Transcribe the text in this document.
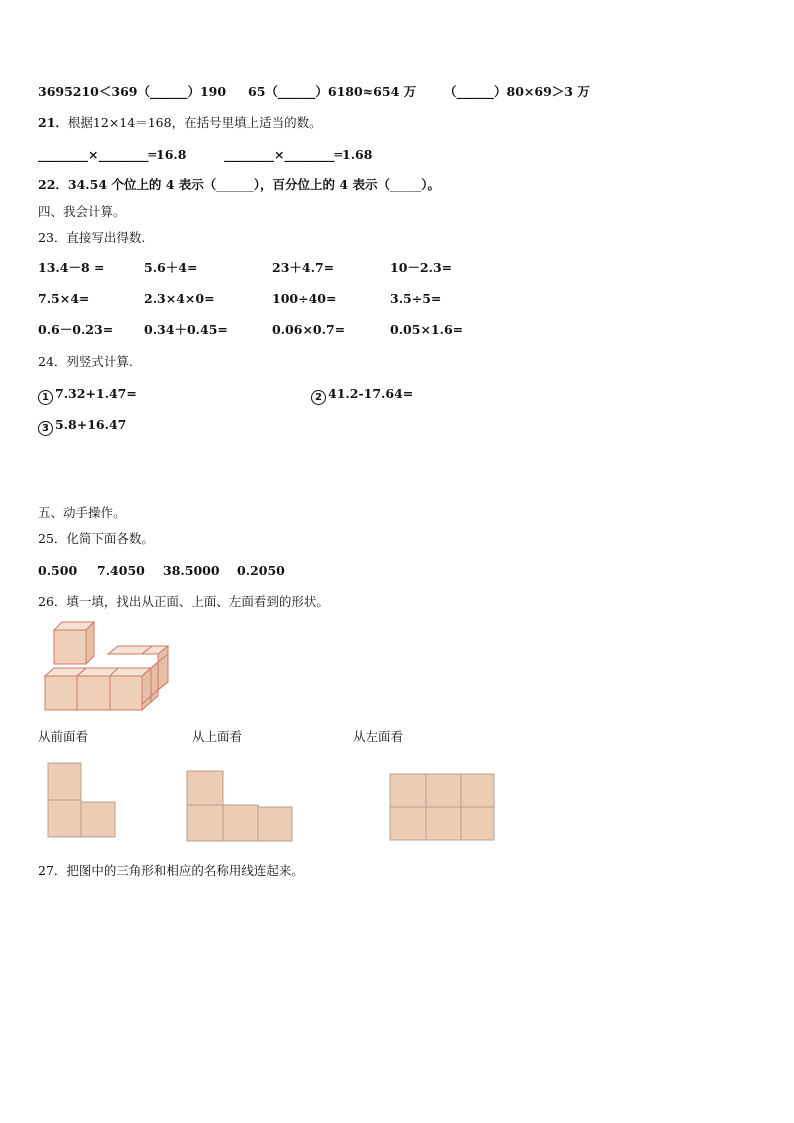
3695210＜369（______）190 65（______）6180≈654 万 （______）80×69＞3 万
21．根据12×14＝168，在括号里填上适当的数。
________×________═16.8	________×________═1.68
22．34.54 个位上的 4 表示（______），百分位上的 4 表示（_____）。
四、我会计算。
23．直接写出得数.
13.4－8 =	5.6＋4=	23＋4.7=	10－2.3=
7.5×4=	2.3×4×0=	100÷40=	3.5÷5=
0.6－0.23= 0.34＋0.45=	0.06×0.7=	0.05×1.6=
24．列竖式计算.
1 7.32+1.47=	2 41.2-17.64=
3 5.8+16.47
五、动手操作。
25．化简下面各数。
0.500 7.4050 38.5000 0.2050
26．填一填，找出从正面、上面、左面看到的形状。
从前面看	从上面看	从左面看
27．把图中的三角形和相应的名称用线连起来。
